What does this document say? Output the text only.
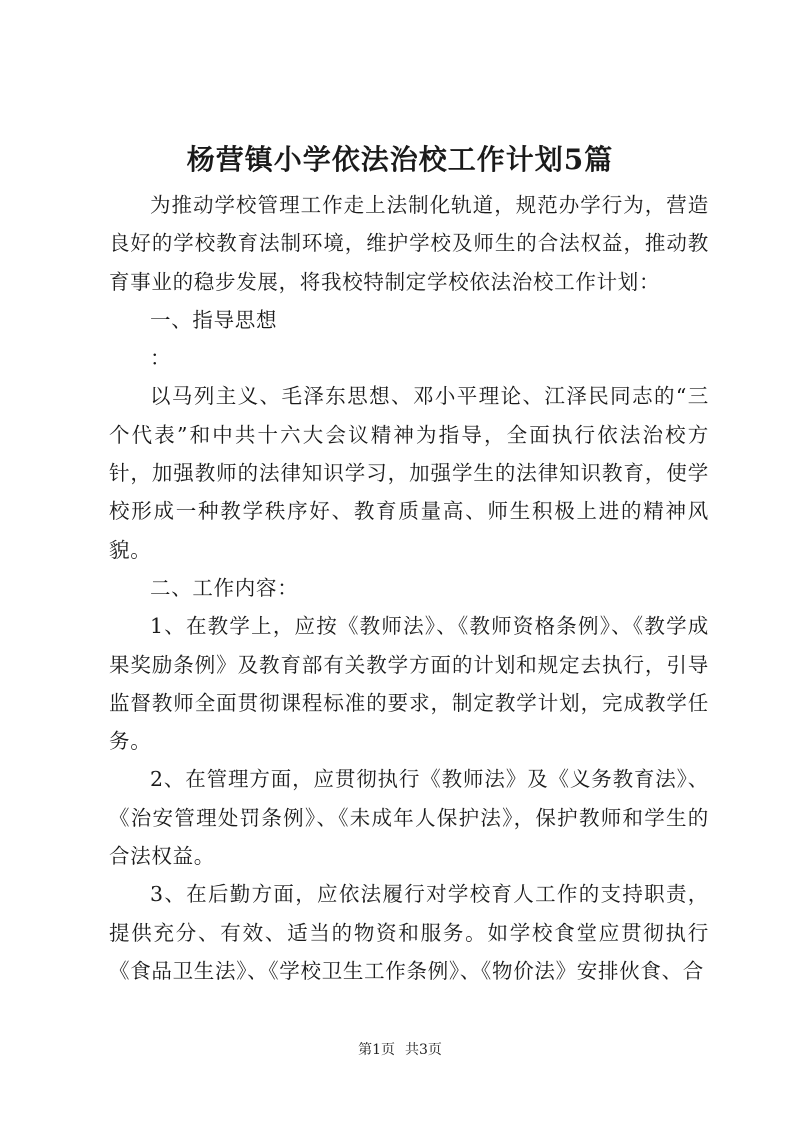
杨营镇小学依法治校工作计划5篇

为推动学校管理工作走上法制化轨道，规范办学行为，营造良好的学校教育法制环境，维护学校及师生的合法权益，推动教育事业的稳步发展，将我校特制定学校依法治校工作计划：

一、指导思想

：

以马列主义、毛泽东思想、邓小平理论、江泽民同志的“三个代表”和中共十六大会议精神为指导，全面执行依法治校方针，加强教师的法律知识学习，加强学生的法律知识教育，使学校形成一种教学秩序好、教育质量高、师生积极上进的精神风貌。

二、工作内容：

1、在教学上，应按《教师法》、《教师资格条例》、《教学成果奖励条例》及教育部有关教学方面的计划和规定去执行，引导监督教师全面贯彻课程标准的要求，制定教学计划，完成教学任务。

2、在管理方面，应贯彻执行《教师法》及《义务教育法》、《治安管理处罚条例》、《未成年人保护法》，保护教师和学生的合法权益。

3、在后勤方面，应依法履行对学校育人工作的支持职责，提供充分、有效、适当的物资和服务。如学校食堂应贯彻执行《食品卫生法》、《学校卫生工作条例》、《物价法》安排伙食、合

第1页 共3页
